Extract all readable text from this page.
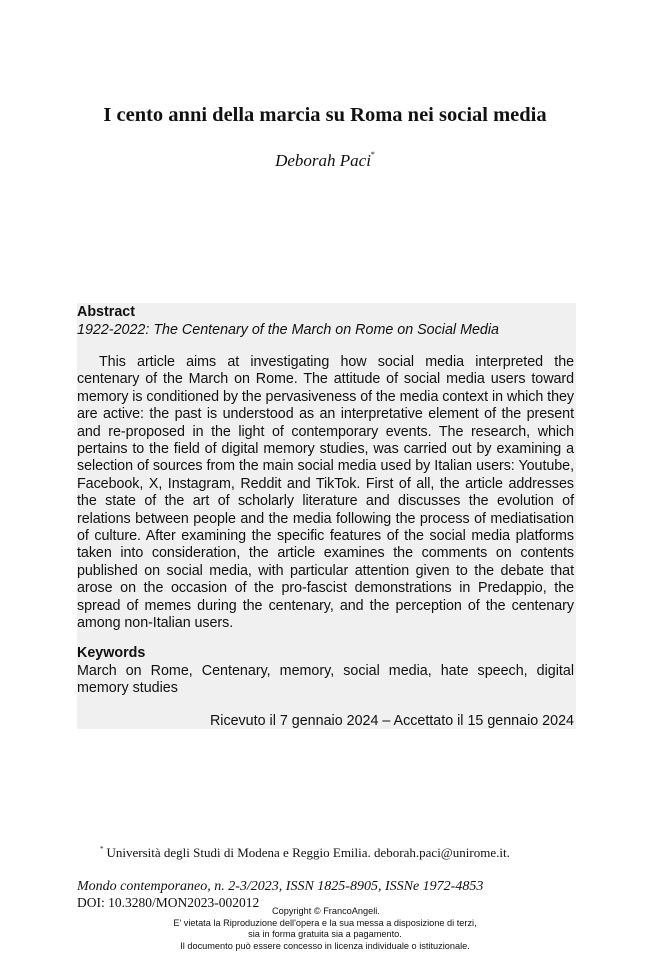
I cento anni della marcia su Roma nei social media
Deborah Paci*
Abstract
1922-2022: The Centenary of the March on Rome on Social Media
This article aims at investigating how social media interpreted the centenary of the March on Rome. The attitude of social media users toward memory is conditioned by the pervasiveness of the media context in which they are active: the past is understood as an interpretative element of the present and re-proposed in the light of contemporary events. The research, which pertains to the field of digital memory studies, was carried out by examining a selection of sources from the main social media used by Italian users: Youtube, Facebook, X, Instagram, Reddit and TikTok. First of all, the article addresses the state of the art of scholarly literature and discusses the evolution of relations between people and the media following the process of mediatisation of culture. After examining the specific features of the social media platforms taken into consideration, the article examines the comments on contents published on social media, with particular attention given to the debate that arose on the occasion of the pro-fascist demonstrations in Predappio, the spread of memes during the centenary, and the perception of the centenary among non-Italian users.
Keywords
March on Rome, Centenary, memory, social media, hate speech, digital memory studies
Ricevuto il 7 gennaio 2024 – Accettato il 15 gennaio 2024
* Università degli Studi di Modena e Reggio Emilia. deborah.paci@unirome.it.
Mondo contemporaneo, n. 2-3/2023, ISSN 1825-8905, ISSNe 1972-4853
DOI: 10.3280/MON2023-002012
Copyright © FrancoAngeli.
E' vietata la Riproduzione dell'opera e la sua messa a disposizione di terzi,
sia in forma gratuita sia a pagamento.
Il documento può essere concesso in licenza individuale o istituzionale.
